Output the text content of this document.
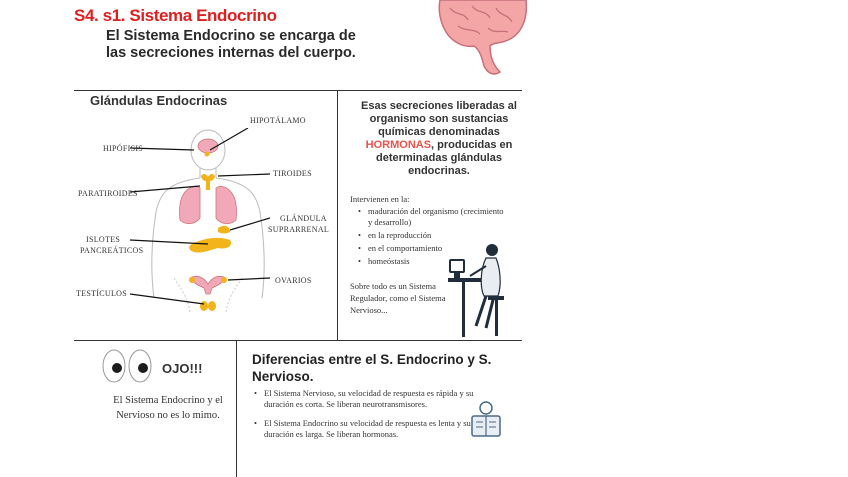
S4. s1. Sistema Endocrino
El Sistema Endocrino se encarga de las secreciones internas del cuerpo.
Glándulas Endocrinas
HIPOTÁLAMO
HIPÓFISIS
TIROIDES
PARATIROIDES
GLÁNDULA
SUPRARRENAL
ISLOTES
PANCREÁTICOS
OVARIOS
TESTÍCULOS
Esas secreciones liberadas al organismo son sustancias químicas denominadas HORMONAS, producidas en determinadas glándulas endocrinas.
Intervienen en la:
• maduración del organismo (crecimiento y desarrollo)
• en la reproducción
• en el comportamiento
• homeóstasis
Sobre todo es un Sistema Regulador, como el Sistema Nervioso...
OJO!!!
El Sistema Endocrino y el Nervioso no es lo mimo.
Diferencias entre el S. Endocrino y S. Nervioso.
• El Sistema Nervioso, su velocidad de respuesta es rápida y su duración es corta. Se liberan neurotransmisores.
• El Sistema Endocrino su velocidad de respuesta es lenta y su duración es larga. Se liberan hormonas.
